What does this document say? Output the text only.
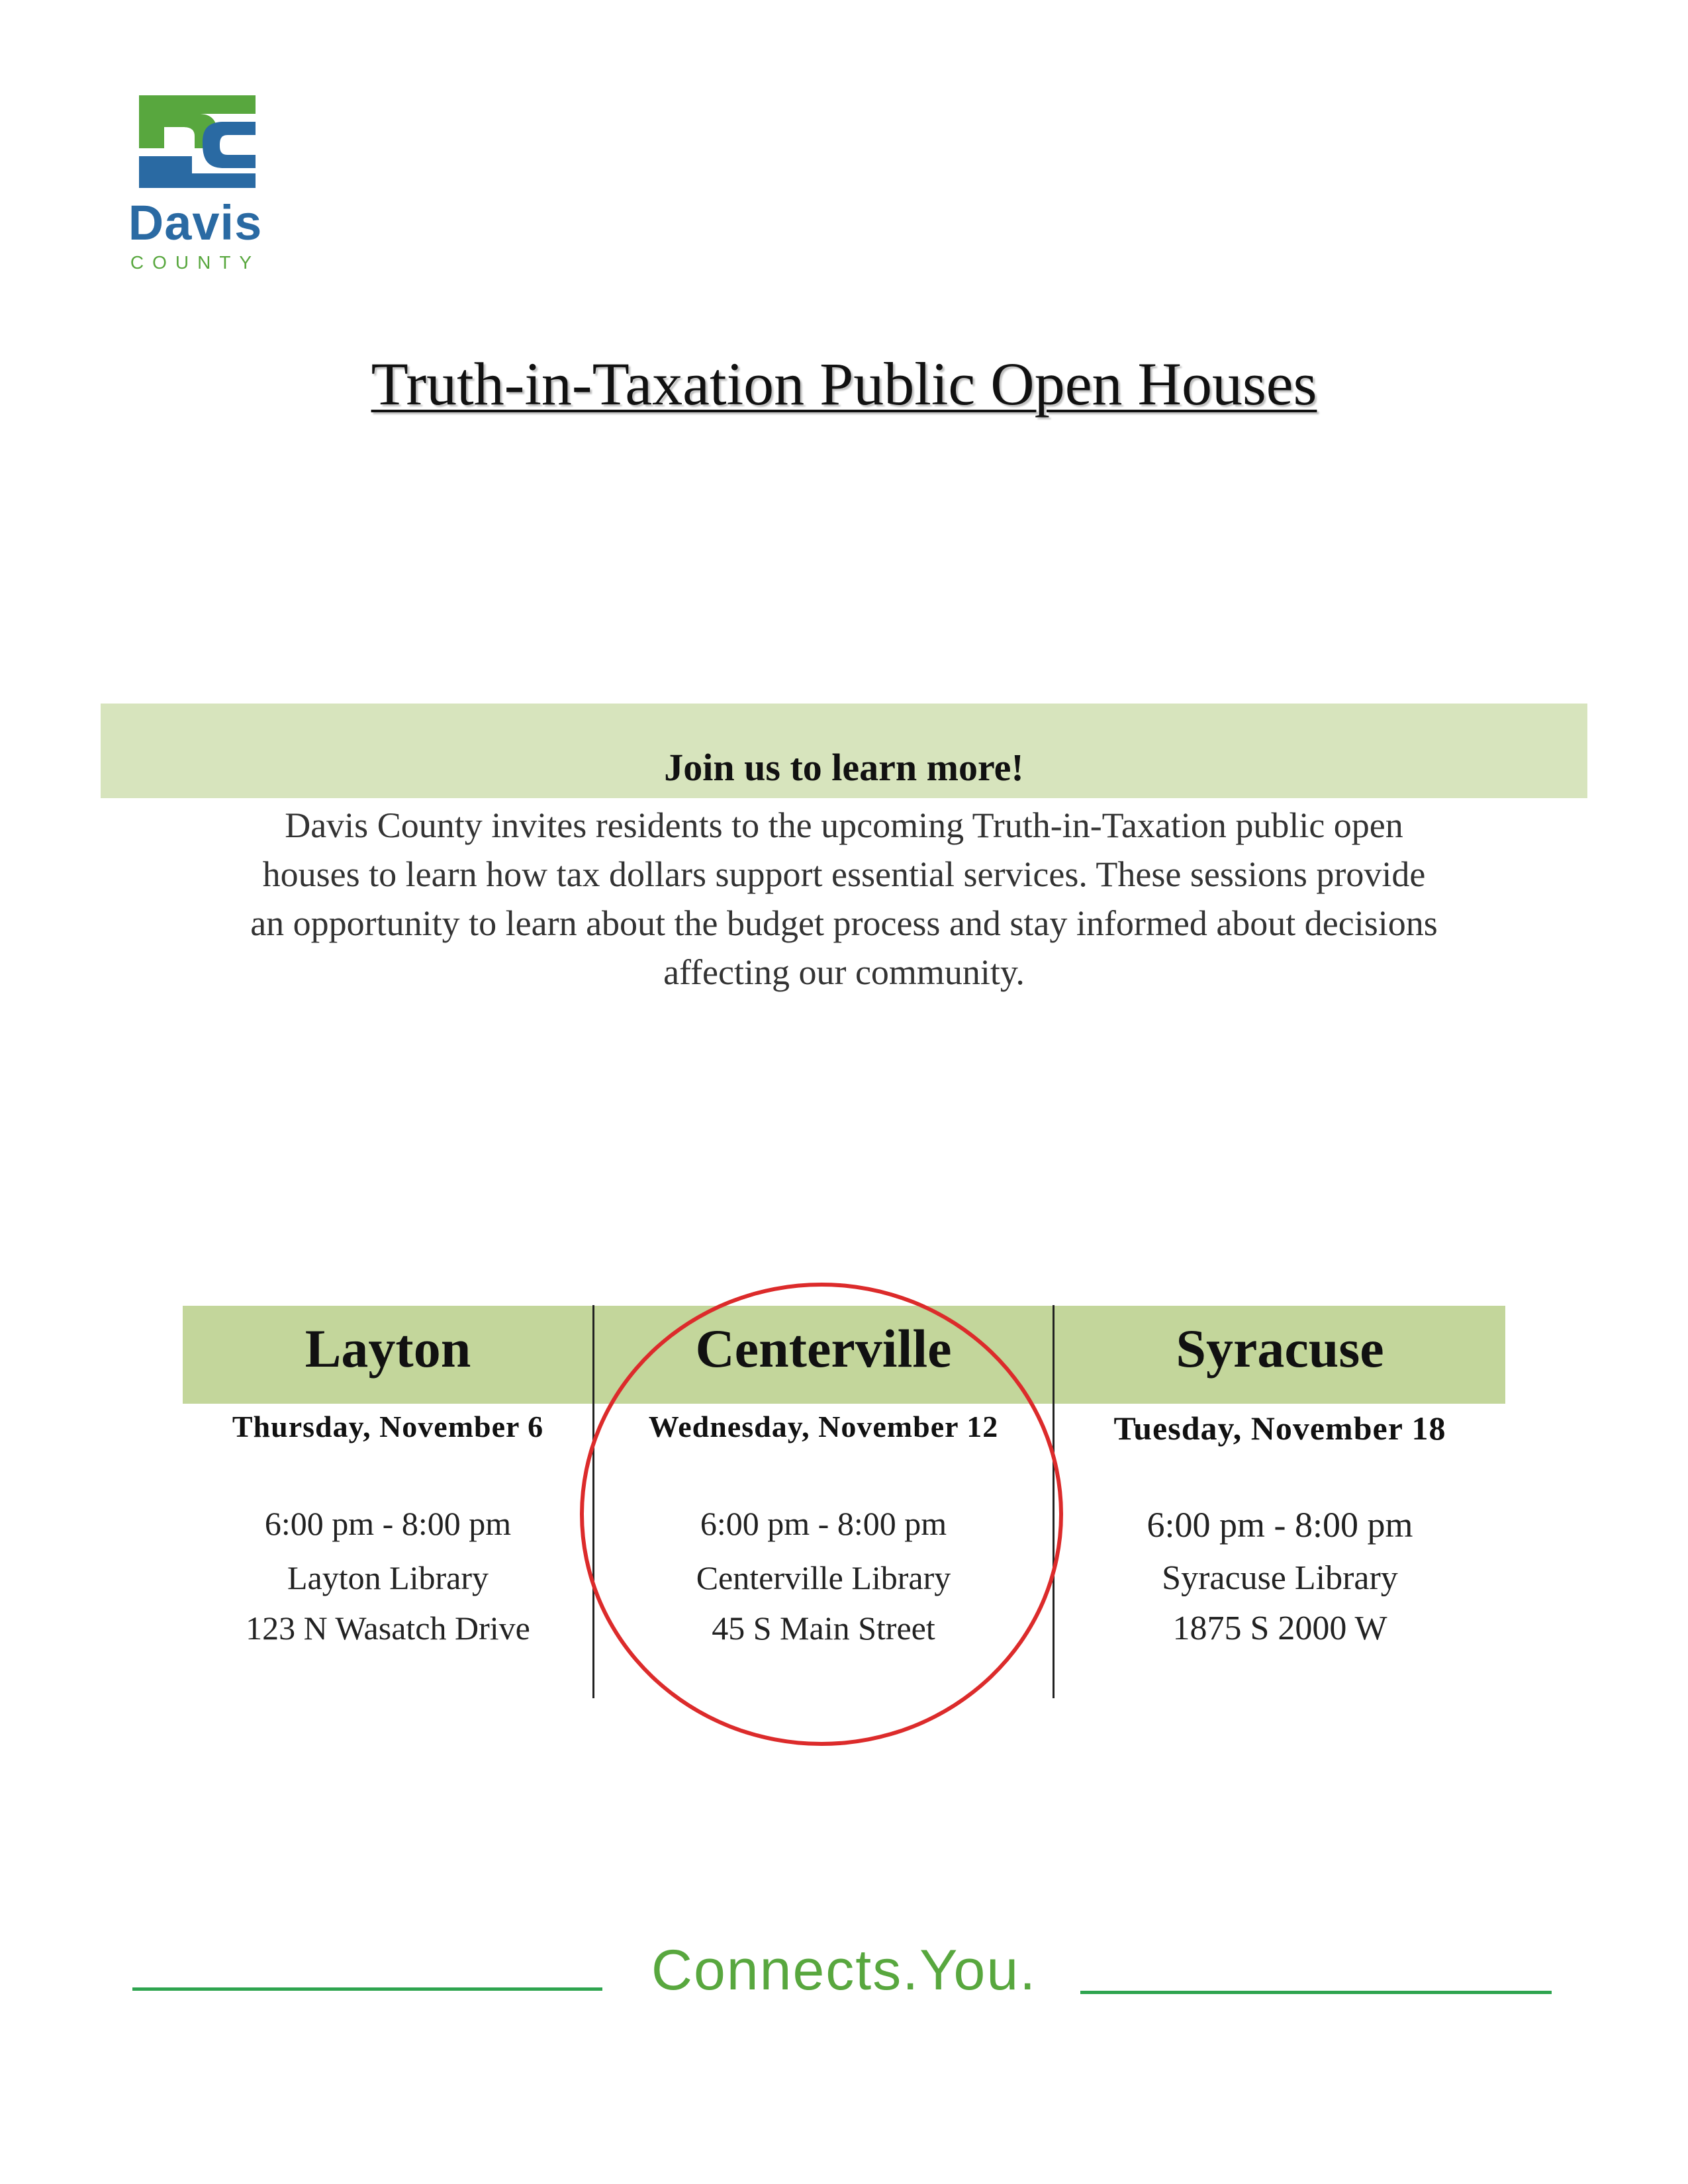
Davis
COUNTY
Truth-in-Taxation Public Open Houses
Join us to learn more!
Davis County invites residents to the upcoming Truth-in-Taxation public open
houses to learn how tax dollars support essential services. These sessions provide
an opportunity to learn about the budget process and stay informed about decisions
affecting our community.
Layton
Thursday, November 6
6:00 pm - 8:00 pm
Layton Library
123 N Wasatch Drive
Centerville
Wednesday, November 12
6:00 pm - 8:00 pm
Centerville Library
45 S Main Street
Syracuse
Tuesday, November 18
6:00 pm - 8:00 pm
Syracuse Library
1875 S 2000 W
Connects.You.
